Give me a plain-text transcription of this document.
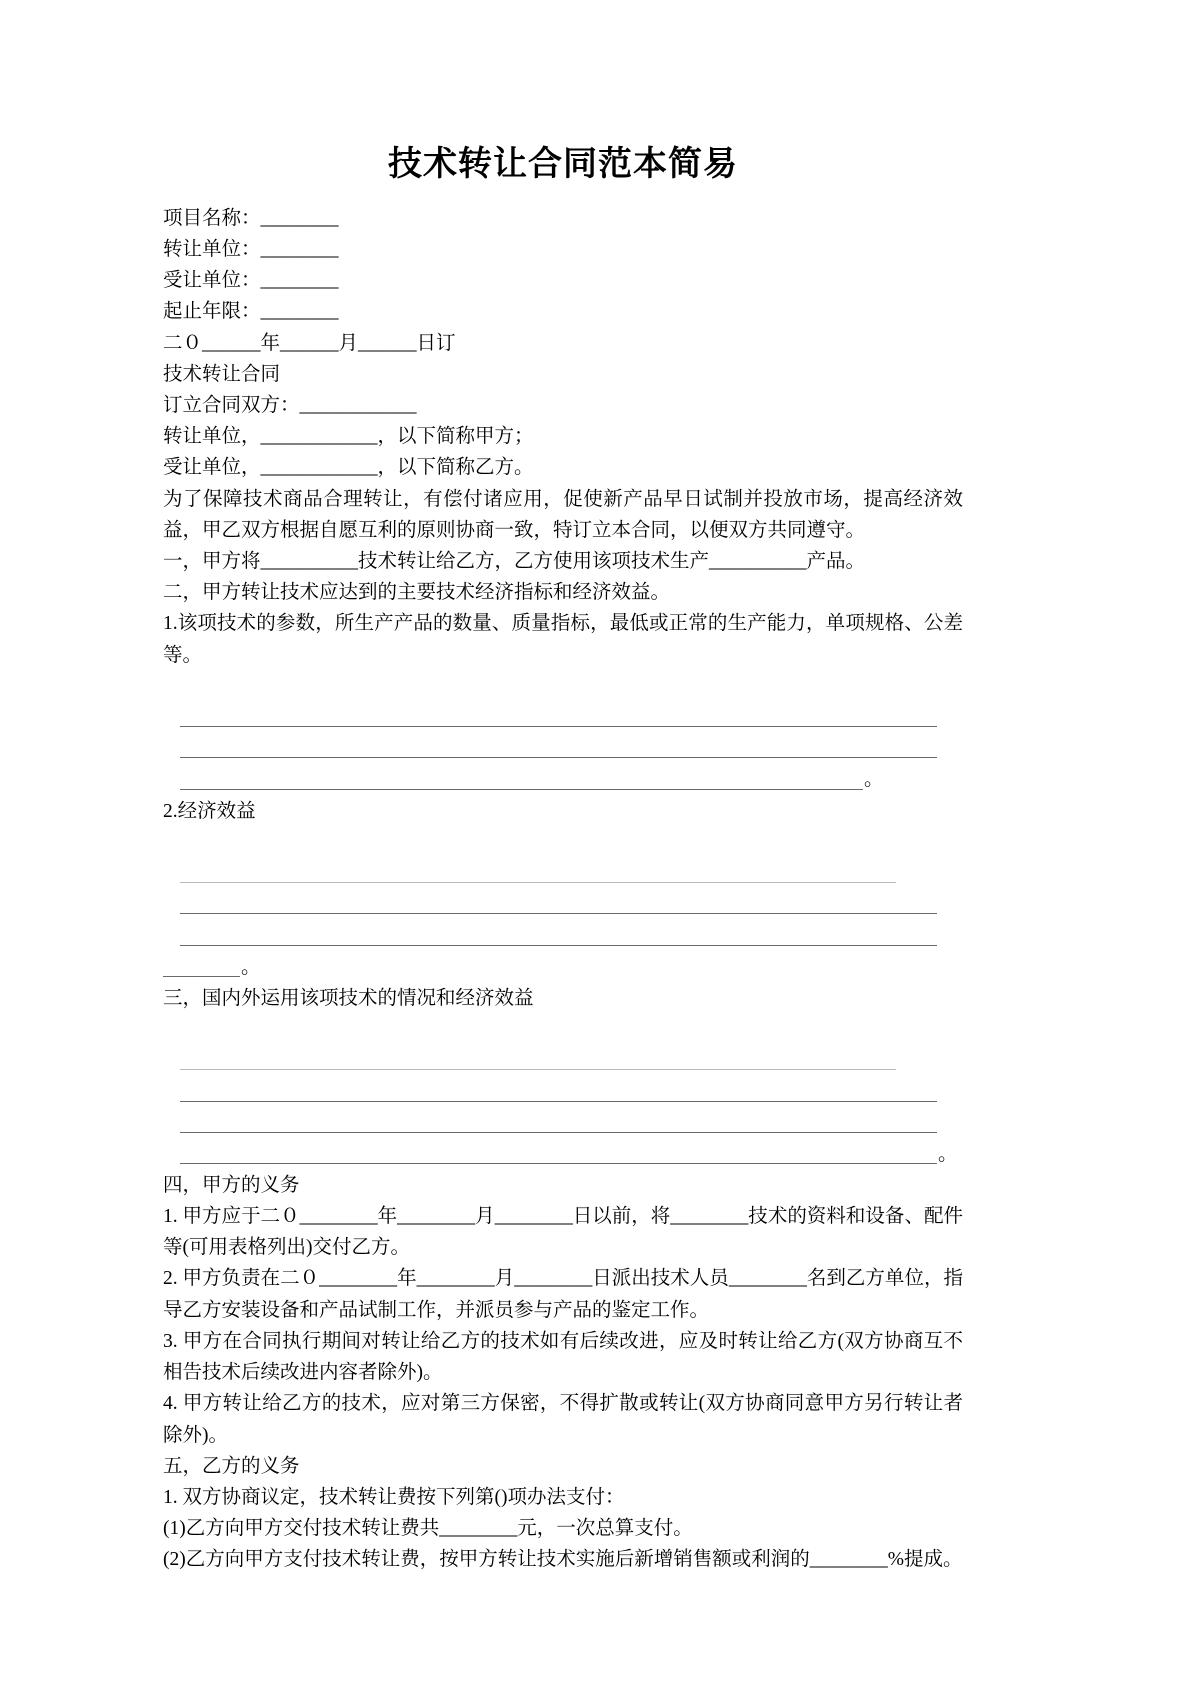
技术转让合同范本简易

项目名称：________

转让单位：________

受让单位：________

起止年限：________

二０______年______月______日订

技术转让合同

订立合同双方：____________

转让单位，____________，以下简称甲方；

受让单位，____________，以下简称乙方。

为了保障技术商品合理转让，有偿付诸应用，促使新产品早日试制并投放市场，提高经济效益，甲乙双方根据自愿互利的原则协商一致，特订立本合同，以便双方共同遵守。

一，甲方将__________技术转让给乙方，乙方使用该项技术生产__________产品。

二，甲方转让技术应达到的主要技术经济指标和经济效益。

1.该项技术的参数，所生产产品的数量、质量指标，最低或正常的生产能力，单项规格、公差等。

。

2.经济效益

。

三，国内外运用该项技术的情况和经济效益

。

四，甲方的义务

1. 甲方应于二０________年________月________日以前，将________技术的资料和设备、配件等(可用表格列出)交付乙方。

2. 甲方负责在二０________年________月________日派出技术人员________名到乙方单位，指导乙方安装设备和产品试制工作，并派员参与产品的鉴定工作。

3. 甲方在合同执行期间对转让给乙方的技术如有后续改进，应及时转让给乙方(双方协商互不相告技术后续改进内容者除外)。

4. 甲方转让给乙方的技术，应对第三方保密，不得扩散或转让(双方协商同意甲方另行转让者除外)。

五，乙方的义务

1. 双方协商议定，技术转让费按下列第()项办法支付：

(1)乙方向甲方交付技术转让费共________元，一次总算支付。

(2)乙方向甲方支付技术转让费，按甲方转让技术实施后新增销售额或利润的________%提成。
